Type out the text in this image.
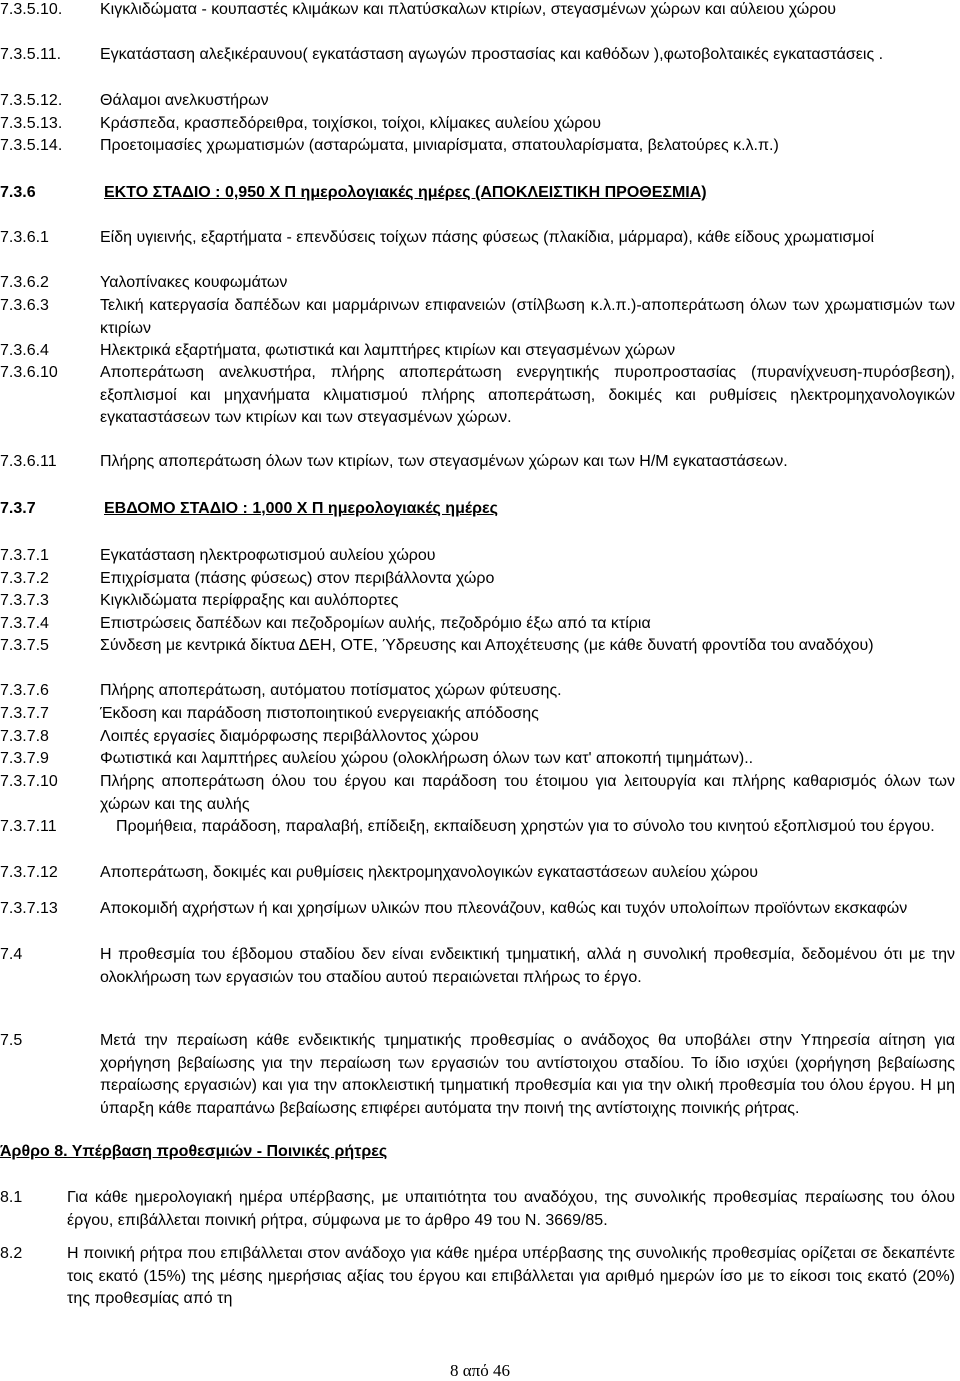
7.3.5.10.	Κιγκλιδώματα - κουπαστές κλιμάκων και πλατύσκαλων κτιρίων, στεγασμένων χώρων και αύλειου χώρου
7.3.5.11.	Εγκατάσταση αλεξικέραυνου( εγκατάσταση αγωγών προστασίας και καθόδων ),φωτοβολταικές εγκαταστάσεις .
7.3.5.12.	Θάλαμοι ανελκυστήρων
7.3.5.13.	Κράσπεδα, κρασπεδόρειθρα, τοιχίσκοι, τοίχοι, κλίμακες αυλείου χώρου
7.3.5.14.	Προετοιμασίες χρωματισμών (ασταρώματα, μινιαρίσματα, σπατουλαρίσματα, βελατούρες κ.λ.π.)
7.3.6	ΕΚΤΟ ΣΤΑΔΙΟ : 0,950 Χ Π ημερολογιακές ημέρες (ΑΠΟΚΛΕΙΣΤΙΚΗ ΠΡΟΘΕΣΜΙΑ)
7.3.6.1	Είδη υγιεινής, εξαρτήματα - επενδύσεις τοίχων πάσης φύσεως (πλακίδια, μάρμαρα), κάθε είδους χρωματισμοί
7.3.6.2	Υαλοπίνακες κουφωμάτων
7.3.6.3	Τελική κατεργασία δαπέδων και μαρμάρινων επιφανειών (στίλβωση κ.λ.π.)-αποπεράτωση όλων των χρωματισμών των κτιρίων
7.3.6.4	Ηλεκτρικά εξαρτήματα, φωτιστικά και λαμπτήρες κτιρίων και στεγασμένων χώρων
7.3.6.10	Αποπεράτωση ανελκυστήρα, πλήρης αποπεράτωση ενεργητικής πυροπροστασίας (πυρανίχνευση-πυρόσβεση), εξοπλισμοί και μηχανήματα κλιματισμού πλήρης αποπεράτωση, δοκιμές και ρυθμίσεις ηλεκτρομηχανολογικών εγκαταστάσεων των κτιρίων και των στεγασμένων χώρων.
7.3.6.11	Πλήρης αποπεράτωση όλων των κτιρίων, των στεγασμένων χώρων και των Η/Μ εγκαταστάσεων.
7.3.7	ΕΒΔΟΜΟ ΣΤΑΔΙΟ : 1,000 Χ Π ημερολογιακές ημέρες
7.3.7.1	Εγκατάσταση ηλεκτροφωτισμού αυλείου χώρου
7.3.7.2	Επιχρίσματα (πάσης φύσεως) στον περιβάλλοντα χώρο
7.3.7.3	Κιγκλιδώματα περίφραξης και αυλόπορτες
7.3.7.4	Επιστρώσεις δαπέδων και πεζοδρομίων αυλής, πεζοδρόμιο έξω από τα κτίρια
7.3.7.5	Σύνδεση με κεντρικά δίκτυα ΔΕΗ, ΟΤΕ, Ύδρευσης και Αποχέτευσης (με κάθε δυνατή φροντίδα του αναδόχου)
7.3.7.6	Πλήρης αποπεράτωση, αυτόματου ποτίσματος χώρων φύτευσης.
7.3.7.7	Έκδοση και παράδοση πιστοποιητικού ενεργειακής απόδοσης
7.3.7.8	Λοιπές εργασίες διαμόρφωσης περιβάλλοντος χώρου
7.3.7.9	Φωτιστικά και λαμπτήρες αυλείου χώρου (ολοκλήρωση όλων των κατ' αποκοπή τιμημάτων)..
7.3.7.10	Πλήρης αποπεράτωση όλου του έργου και παράδοση του έτοιμου για λειτουργία και πλήρης καθαρισμός όλων των χώρων και της αυλής
7.3.7.11	Προμήθεια, παράδοση, παραλαβή, επίδειξη, εκπαίδευση χρηστών για το σύνολο του κινητού εξοπλισμού του έργου.
7.3.7.12	Αποπεράτωση, δοκιμές και ρυθμίσεις ηλεκτρομηχανολογικών εγκαταστάσεων αυλείου χώρου
7.3.7.13	Αποκομιδή αχρήστων ή και χρησίμων υλικών που πλεονάζουν, καθώς και τυχόν υπολοίπων προϊόντων εκσκαφών
7.4	Η προθεσμία του έβδομου σταδίου δεν είναι ενδεικτική τμηματική, αλλά η συνολική προθεσμία, δεδομένου ότι με την ολοκλήρωση των εργασιών του σταδίου αυτού περαιώνεται πλήρως το έργο.
7.5	Μετά την περαίωση κάθε ενδεικτικής τμηματικής προθεσμίας ο ανάδοχος θα υποβάλει στην Υπηρεσία αίτηση για χορήγηση βεβαίωσης για την περαίωση των εργασιών του αντίστοιχου σταδίου. Το ίδιο ισχύει (χορήγηση βεβαίωσης περαίωσης εργασιών) και για την αποκλειστική τμηματική προθεσμία και για την ολική προθεσμία του όλου έργου. Η μη ύπαρξη κάθε παραπάνω βεβαίωσης επιφέρει αυτόματα την ποινή της αντίστοιχης ποινικής ρήτρας.
Άρθρο 8. Υπέρβαση προθεσμιών - Ποινικές ρήτρες
8.1	Για κάθε ημερολογιακή ημέρα υπέρβασης, με υπαιτιότητα του αναδόχου, της συνολικής προθεσμίας περαίωσης του όλου έργου, επιβάλλεται ποινική ρήτρα, σύμφωνα με το άρθρο 49 του Ν. 3669/85.
8.2	Η ποινική ρήτρα που επιβάλλεται στον ανάδοχο για κάθε ημέρα υπέρβασης της συνολικής προθεσμίας ορίζεται σε δεκαπέντε τοις εκατό (15%) της μέσης ημερήσιας αξίας του έργου και επιβάλλεται για αριθμό ημερών ίσο με το είκοσι τοις εκατό (20%) της προθεσμίας από τη
8 από 46
